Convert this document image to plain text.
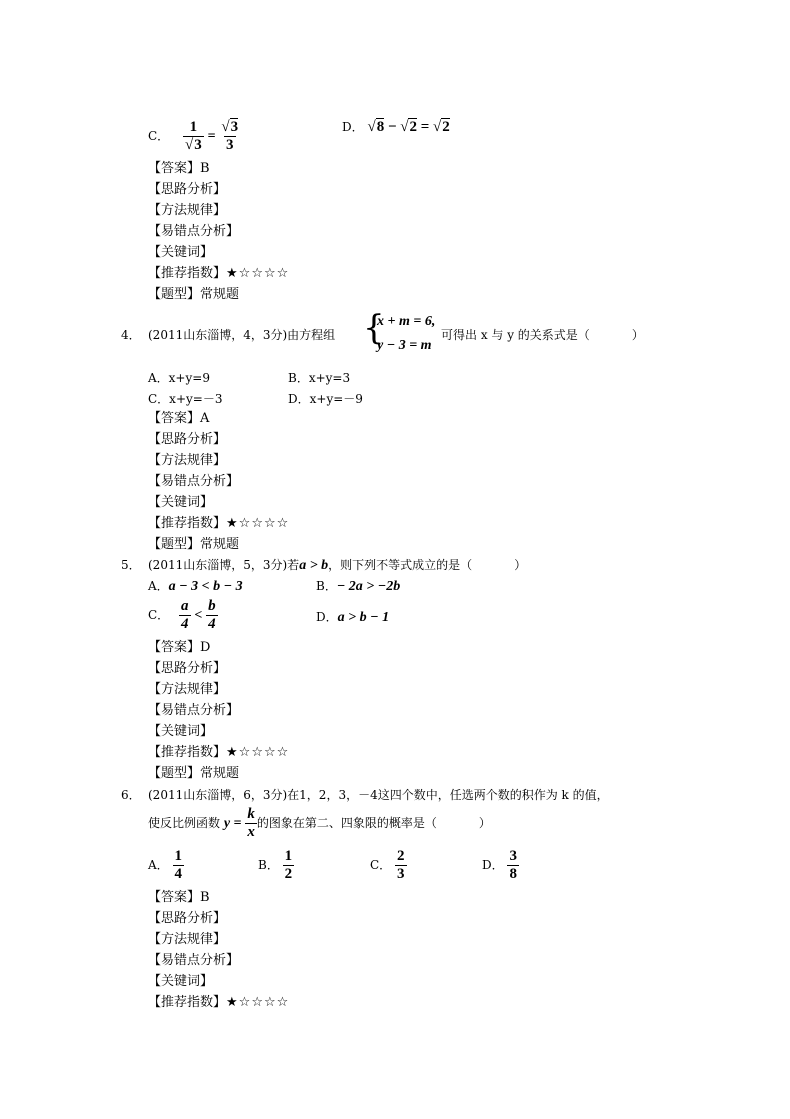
C． $\frac{1}{√3} = \frac{√3}{3}$	D． √8 − √2 = √2
【答案】B
【思路分析】
【方法规律】
【易错点分析】
【关键词】
【推荐指数】★☆☆☆☆
【题型】常规题
4． (2011山东淄博，4，3分)由方程组 {
x + m = 6,
y − 3 = m
可得出 x 与 y 的关系式是（	）
A．x+y=9	B．x+y=3
C．x+y=－3	D．x+y=－9
【答案】A
【思路分析】
【方法规律】
【易错点分析】
【关键词】
【推荐指数】★☆☆☆☆
【题型】常规题
5． (2011山东淄博，5，3分)若a > b，则下列不等式成立的是（	）
A．a − 3 < b − 3	B．− 2a > −2b
C． $\frac{a}{4} < \frac{b}{4}$	D．a > b − 1
【答案】D
【思路分析】
【方法规律】
【易错点分析】
【关键词】
【推荐指数】★☆☆☆☆
【题型】常规题
6． (2011山东淄博，6，3分)在1，2，3，－4这四个数中，任选两个数的积作为 k 的值，
使反比例函数 $y = \frac{k}{x}$ 的图象在第二、四象限的概率是（	）
A． $\frac{1}{4}$	B． $\frac{1}{2}$	C． $\frac{2}{3}$	D． $\frac{3}{8}$
【答案】B
【思路分析】
【方法规律】
【易错点分析】
【关键词】
【推荐指数】★☆☆☆☆
